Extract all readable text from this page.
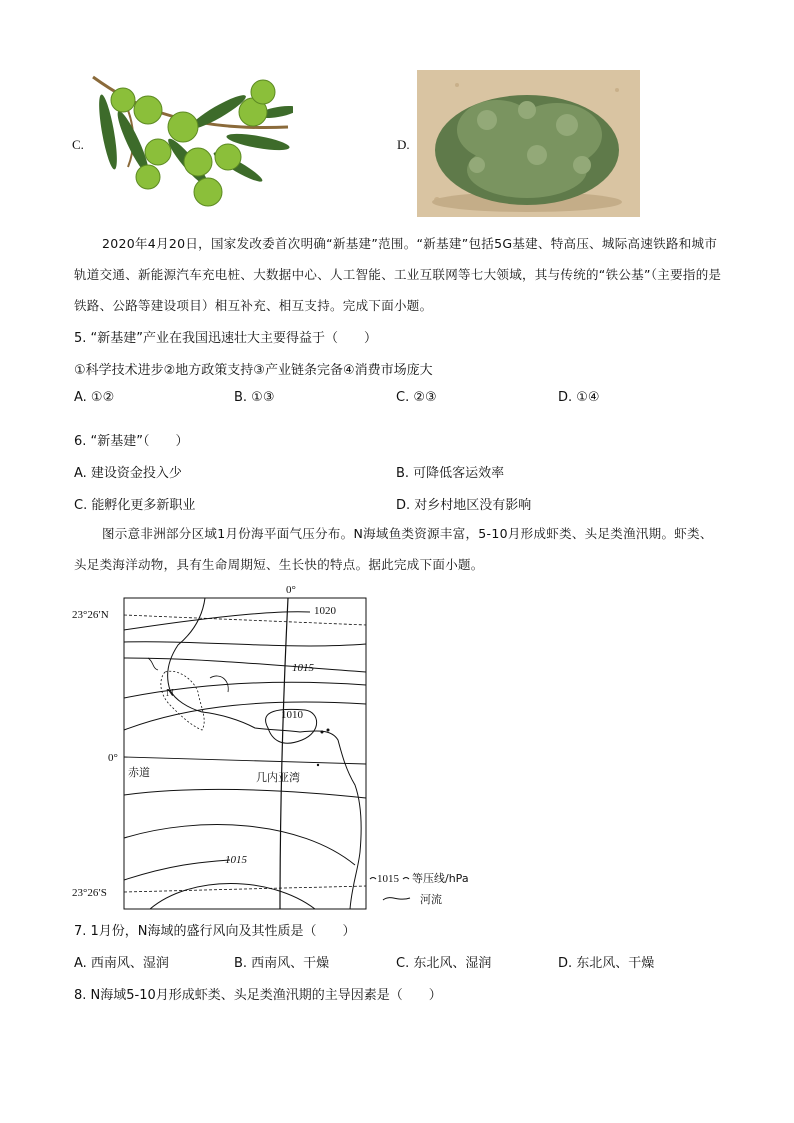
C.	D.

2020年4月20日，国家发改委首次明确“新基建”范围。“新基建”包括5G基建、特高压、城际高速铁路和城市轨道交通、新能源汽车充电桩、大数据中心、人工智能、工业互联网等七大领域，其与传统的“铁公基”（主要指的是铁路、公路等建设项目）相互补充、相互支持。完成下面小题。

5. “新基建”产业在我国迅速壮大主要得益于（　　）
①科学技术进步②地方政策支持③产业链条完备④消费市场庞大
A. ①②	B. ①③	C. ②③	D. ①④
6. “新基建”（　　）
A. 建设资金投入少	B. 可降低客运效率
C. 能孵化更多新职业	D. 对乡村地区没有影响

图示意非洲部分区域1月份海平面气压分布。N海域鱼类资源丰富，5-10月形成虾类、头足类渔汛期。虾类、头足类海洋动物，具有生命周期短、生长快的特点。据此完成下面小题。

23°26′N
0°
23°26′S
0°
赤道	几内亚湾
N
1020
1015
1010
1015
1015 等压线/hPa
河流
7. 1月份，N海域的盛行风向及其性质是（　　）
A. 西南风、湿润	B. 西南风、干燥	C. 东北风、湿润	D. 东北风、干燥
8. N海域5-10月形成虾类、头足类渔汛期的主导因素是（　　）
